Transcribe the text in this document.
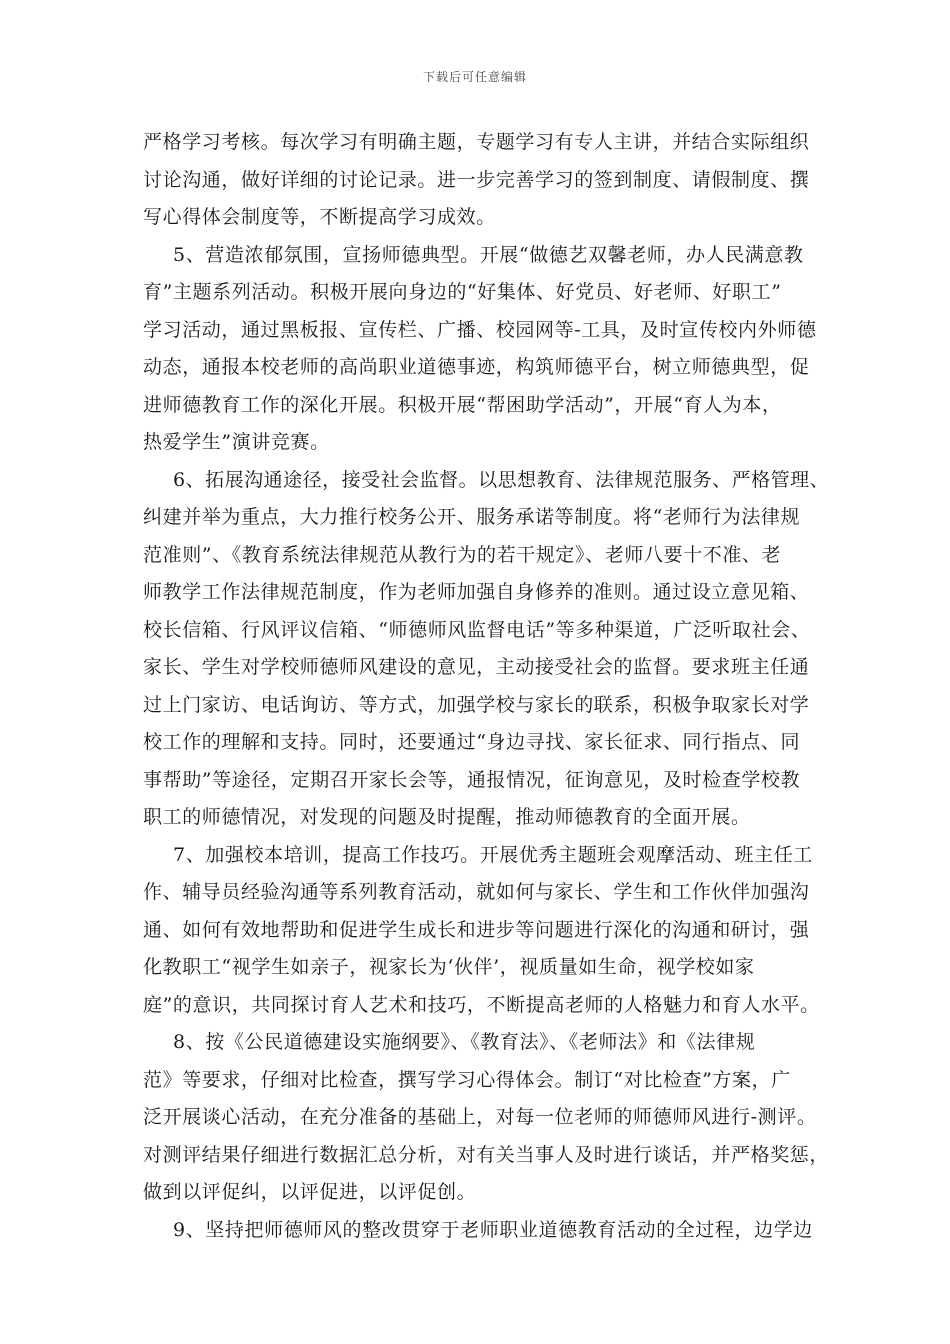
下载后可任意编辑
严格学习考核。每次学习有明确主题，专题学习有专人主讲，并结合实际组织
讨论沟通，做好详细的讨论记录。进一步完善学习的签到制度、请假制度、撰
写心得体会制度等，不断提高学习成效。
5、营造浓郁氛围，宣扬师德典型。开展“做德艺双馨老师，办人民满意教
育”主题系列活动。积极开展向身边的“好集体、好党员、好老师、好职工”
学习活动，通过黑板报、宣传栏、广播、校园网等-工具，及时宣传校内外师德
动态，通报本校老师的高尚职业道德事迹，构筑师德平台，树立师德典型，促
进师德教育工作的深化开展。积极开展“帮困助学活动”，开展“育人为本，
热爱学生”演讲竞赛。
6、拓展沟通途径，接受社会监督。以思想教育、法律规范服务、严格管理、
纠建并举为重点，大力推行校务公开、服务承诺等制度。将“老师行为法律规
范准则”、《教育系统法律规范从教行为的若干规定》、老师八要十不准、老
师教学工作法律规范制度，作为老师加强自身修养的准则。通过设立意见箱、
校长信箱、行风评议信箱、“师德师风监督电话”等多种渠道，广泛听取社会、
家长、学生对学校师德师风建设的意见，主动接受社会的监督。要求班主任通
过上门家访、电话询访、等方式，加强学校与家长的联系，积极争取家长对学
校工作的理解和支持。同时，还要通过“身边寻找、家长征求、同行指点、同
事帮助”等途径，定期召开家长会等，通报情况，征询意见，及时检查学校教
职工的师德情况，对发现的问题及时提醒，推动师德教育的全面开展。
7、加强校本培训，提高工作技巧。开展优秀主题班会观摩活动、班主任工
作、辅导员经验沟通等系列教育活动，就如何与家长、学生和工作伙伴加强沟
通、如何有效地帮助和促进学生成长和进步等问题进行深化的沟通和研讨，强
化教职工“视学生如亲子，视家长为‘伙伴’，视质量如生命，视学校如家
庭”的意识，共同探讨育人艺术和技巧，不断提高老师的人格魅力和育人水平。
8、按《公民道德建设实施纲要》、《教育法》、《老师法》和《法律规
范》等要求，仔细对比检查，撰写学习心得体会。制订“对比检查”方案，广
泛开展谈心活动，在充分准备的基础上，对每一位老师的师德师风进行-测评。
对测评结果仔细进行数据汇总分析，对有关当事人及时进行谈话，并严格奖惩，
做到以评促纠，以评促进，以评促创。
9、坚持把师德师风的整改贯穿于老师职业道德教育活动的全过程，边学边
